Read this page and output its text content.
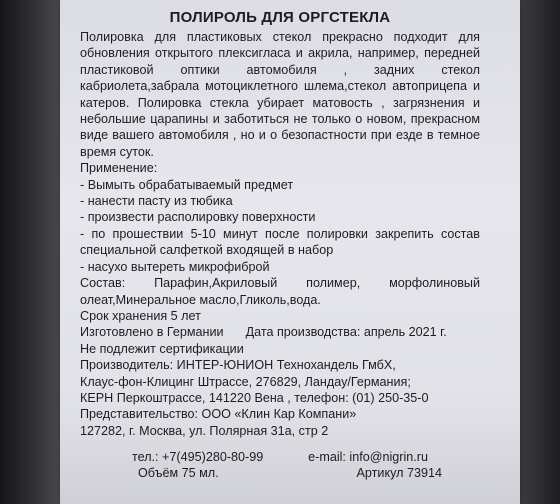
ПОЛИРОЛЬ ДЛЯ ОРГСТЕКЛА
Полировка для пластиковых стекол прекрасно подходит для обновления открытого плексигласа и акрила, например, передней пластиковой оптики автомобиля , задних стекол кабриолета,забрала мотоциклетного шлема,стекол автоприцепа и катеров. Полировка стекла убирает матовость , загрязнения и небольшие царапины и заботиться не только о новом, прекрасном виде вашего автомобиля , но и о безопастности при езде в темное время суток.
Применение:
- Вымыть обрабатываемый предмет
- нанести пасту из тюбика
- произвести располировку поверхности
- по прошествии 5-10 минут после полировки закрепить состав специальной салфеткой входящей в набор
- насухо вытереть микрофиброй
Состав: Парафин,Акриловый полимер, морфолиновый олеат,Минеральное масло,Гликоль,вода.
Срок хранения 5 лет
Изготовлено в Германии Дата производства: апрель 2021 г.
Не подлежит сертификации
Производитель: ИНТЕР-ЮНИОН Технохандель ГмбХ,
Клаус-фон-Клицинг Штрассе, 276829, Ландау/Германия;
КЕРН Перкоштрассе, 141220 Вена , телефон: (01) 250-35-0
Представительство: ООО «Клин Кар Компани»
127282, г. Москва, ул. Полярная 31а, стр 2
тел.: +7(495)280-80-99	e-mail: info@nigrin.ru
Объём 75 мл.	Артикул 73914
